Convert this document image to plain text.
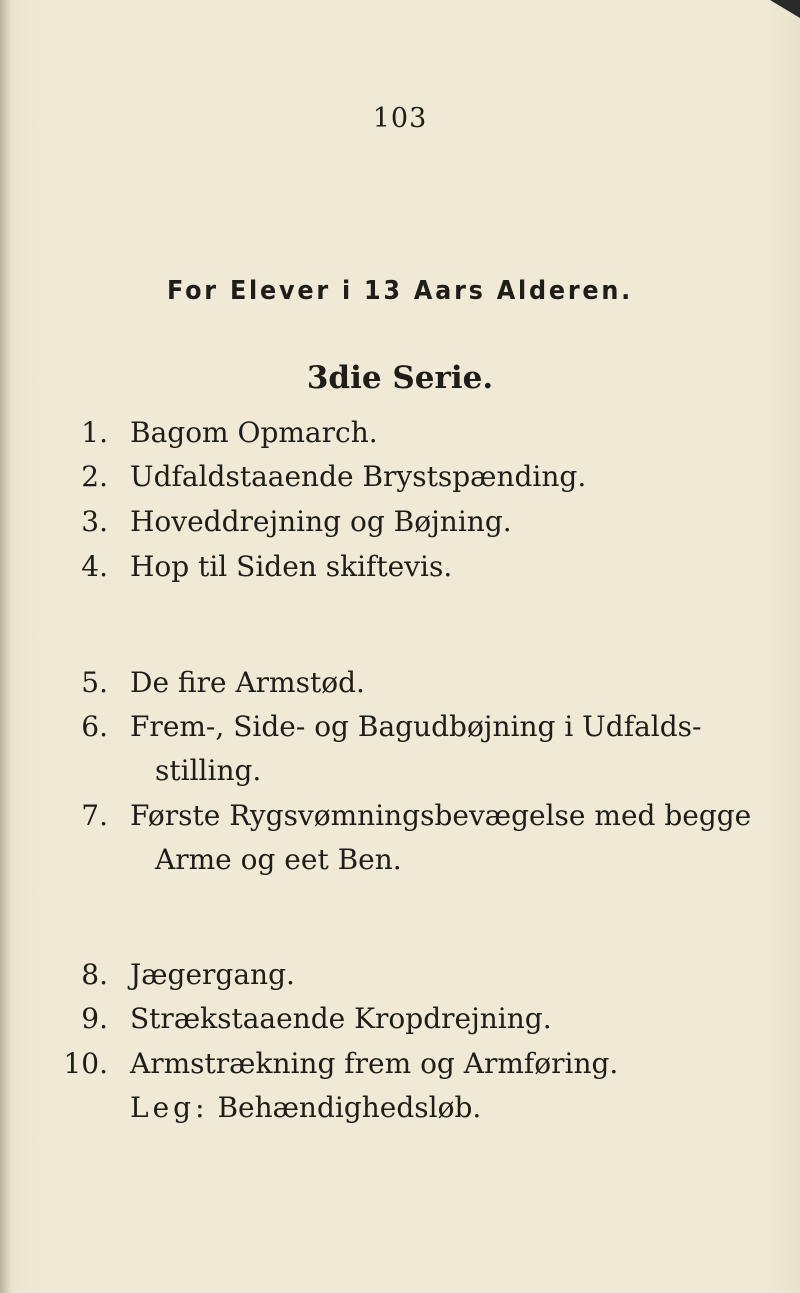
103
For Elever i 13 Aars Alderen.
3die Serie.
1. Bagom Opmarch.
2. Udfaldstaaende Brystspænding.
3. Hoveddrejning og Bøjning.
4. Hop til Siden skiftevis.
5. De fire Armstød.
6. Frem-, Side- og Bagudbøjning i Udfalds-
stilling.
7. Første Rygsvømningsbevægelse med begge
Arme og eet Ben.
8. Jægergang.
9. Strækstaaende Kropdrejning.
10. Armstrækning frem og Armføring.
Leg: Behændighedsløb.
